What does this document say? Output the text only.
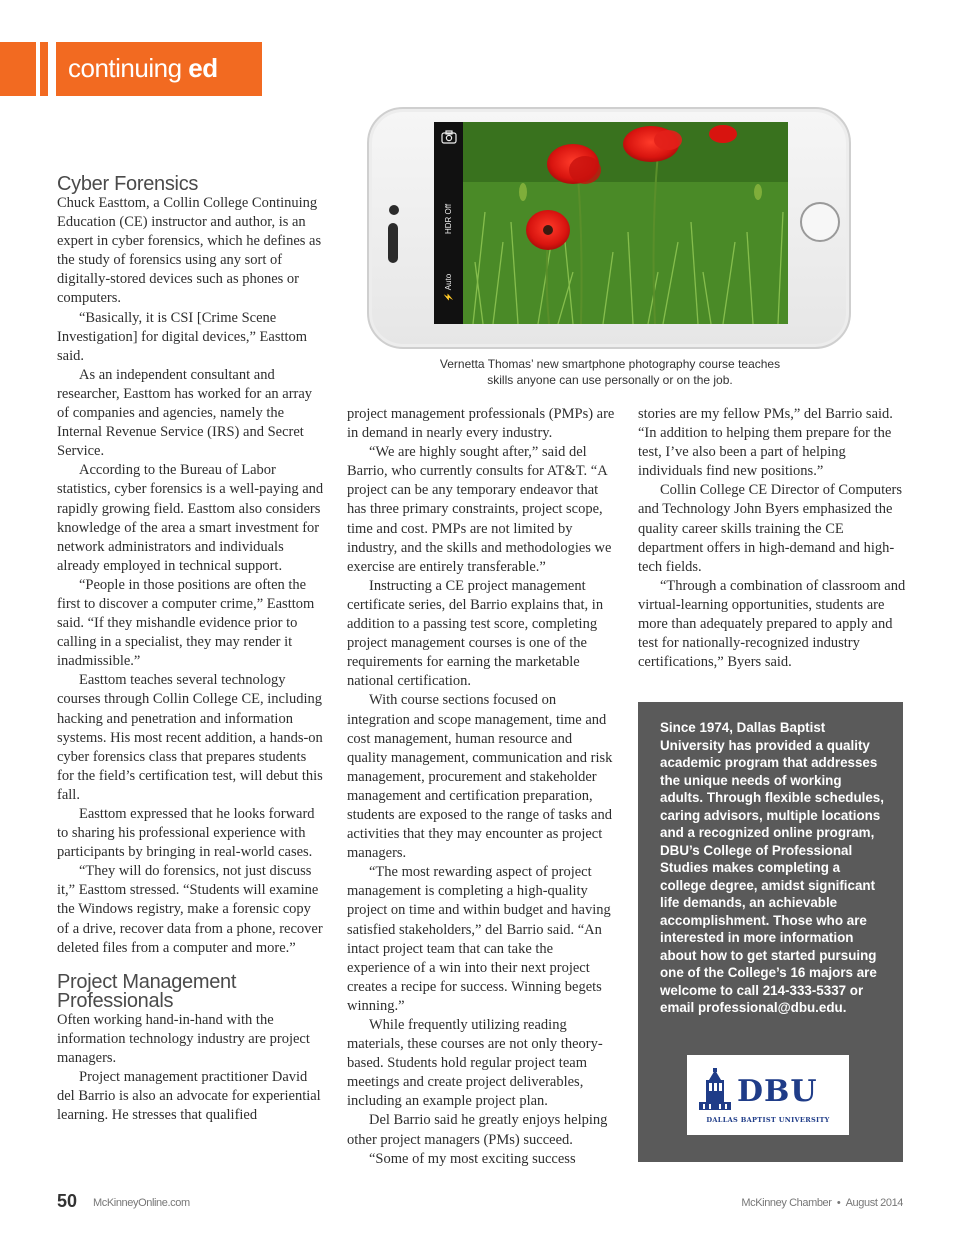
continuing ed
HDR Off
⚡ Auto
Vernetta Thomas’ new smartphone photography course teaches
skills anyone can use personally or on the job.
Cyber Forensics

Chuck Easttom, a Collin College Continuing Education (CE) instructor and author, is an expert in cyber forensics, which he defines as the study of forensics using any sort of digitally-stored devices such as phones or computers.

“Basically, it is CSI [Crime Scene Investigation] for digital devices,” Easttom said.

As an independent consultant and researcher, Easttom has worked for an array of companies and agencies, namely the Internal Revenue Service (IRS) and Secret Service.

According to the Bureau of Labor statistics, cyber forensics is a well-paying and rapidly growing field. Easttom also considers knowledge of the area a smart investment for network administrators and individuals already employed in technical support.

“People in those positions are often the first to discover a computer crime,” Easttom said. “If they mishandle evidence prior to calling in a specialist, they may render it inadmissible.”

Easttom teaches several technology courses through Collin College CE, including hacking and penetration and information systems. His most recent addition, a hands-on cyber forensics class that prepares students for the field’s certification test, will debut this fall.

Easttom expressed that he looks forward to sharing his professional experience with participants by bringing in real-world cases.

“They will do forensics, not just discuss it,” Easttom stressed. “Students will examine the Windows registry, make a forensic copy of a drive, recover data from a phone, recover deleted files from a computer and more.”

Project Management
Professionals

Often working hand-in-hand with the information technology industry are project managers.

Project management practitioner David del Barrio is also an advocate for experiential learning. He stresses that qualified

project management professionals (PMPs) are in demand in nearly every industry.

“We are highly sought after,” said del Barrio, who currently consults for AT&T. “A project can be any temporary endeavor that has three primary constraints, project scope, time and cost. PMPs are not limited by industry, and the skills and methodologies we exercise are entirely transferable.”

Instructing a CE project management certificate series, del Barrio explains that, in addition to a passing test score, completing project management courses is one of the requirements for earning the marketable national certification.

With course sections focused on integration and scope management, time and cost management, human resource and quality management, communication and risk management, procurement and stakeholder management and certification preparation, students are exposed to the range of tasks and activities that they may encounter as project managers.

“The most rewarding aspect of project management is completing a high-quality project on time and within budget and having satisfied stakeholders,” del Barrio said. “An intact project team that can take the experience of a win into their next project creates a recipe for success. Winning begets winning.”

While frequently utilizing reading materials, these courses are not only theory-based. Students hold regular project team meetings and create project deliverables, including an example project plan.

Del Barrio said he greatly enjoys helping other project managers (PMs) succeed.

“Some of my most exciting success

stories are my fellow PMs,” del Barrio said. “In addition to helping them prepare for the test, I’ve also been a part of helping individuals find new positions.”

Collin College CE Director of Computers and Technology John Byers emphasized the quality career skills training the CE department offers in high-demand and high-tech fields.

“Through a combination of classroom and virtual-learning opportunities, students are more than adequately prepared to apply and test for nationally-recognized industry certifications,” Byers said.

Since 1974, Dallas Baptist University has provided a quality academic program that addresses the unique needs of working adults. Through flexible schedules, caring advisors, multiple locations and a recognized online program, DBU’s College of Professional Studies makes completing a college degree, amidst significant life demands, an achievable accomplishment. Those who are interested in more information about how to get started pursuing one of the College’s 16 majors are welcome to call 214-333-5337 or email professional@dbu.edu.
DBU
DALLAS BAPTIST UNIVERSITY
50 McKinneyOnline.com	McKinney Chamber • August 2014
